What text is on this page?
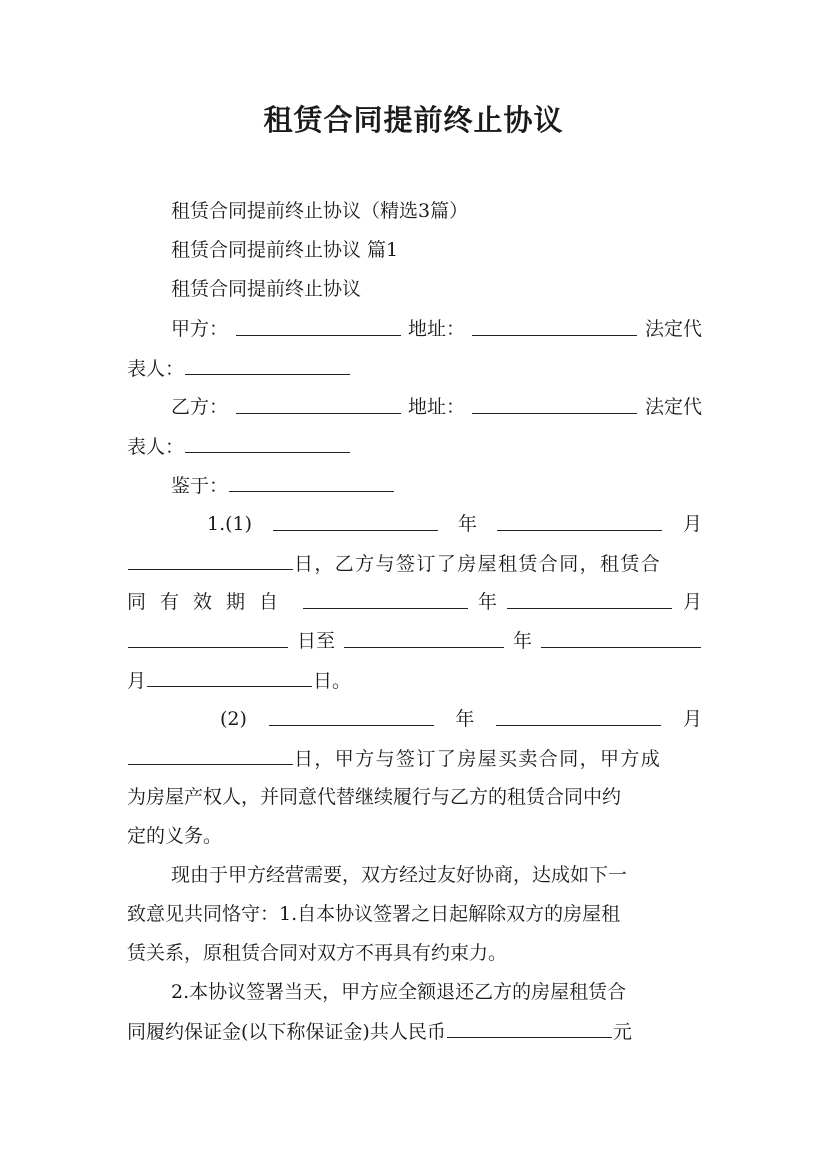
租赁合同提前终止协议
租赁合同提前终止协议（精选3篇）
租赁合同提前终止协议 篇1
租赁合同提前终止协议
甲方：	地址：	法定代
表人：
乙方：	地址：	法定代
表人：
鉴于：
1.(1)	年	月
日，乙方与签订了房屋租赁合同，租赁合
同有效期自	年	月
日至	年
月	日。
(2)	年	月
日，甲方与签订了房屋买卖合同，甲方成
为房屋产权人，并同意代替继续履行与乙方的租赁合同中约
定的义务。
现由于甲方经营需要，双方经过友好协商，达成如下一
致意见共同恪守：1.自本协议签署之日起解除双方的房屋租
赁关系，原租赁合同对双方不再具有约束力。
2.本协议签署当天，甲方应全额退还乙方的房屋租赁合
同履约保证金(以下称保证金)共人民币	元
